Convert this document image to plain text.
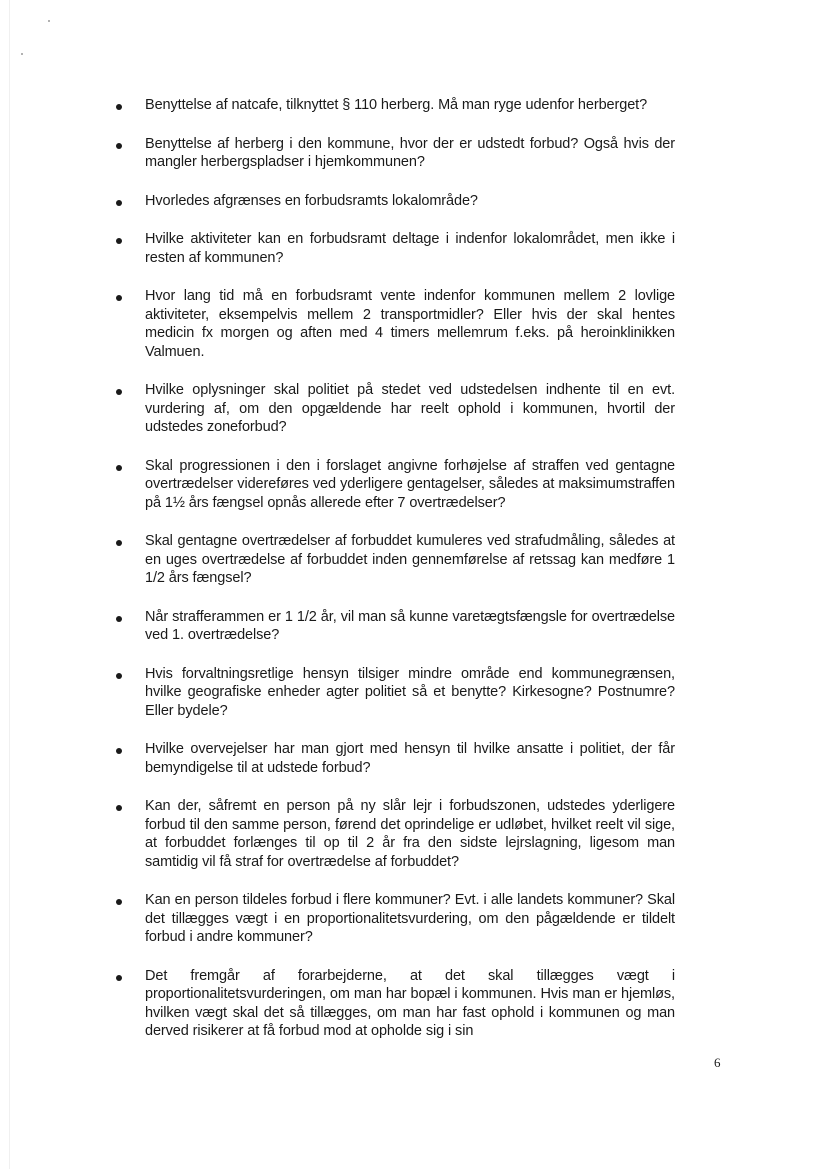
Benyttelse af natcafe, tilknyttet § 110 herberg. Må man ryge udenfor herberget?
Benyttelse af herberg i den kommune, hvor der er udstedt forbud? Også hvis der mangler herbergspladser i hjemkommunen?
Hvorledes afgrænses en forbudsramts lokalområde?
Hvilke aktiviteter kan en forbudsramt deltage i indenfor lokalområdet, men ikke i resten af kommunen?
Hvor lang tid må en forbudsramt vente indenfor kommunen mellem 2 lovlige aktiviteter, eksempelvis mellem 2 transportmidler? Eller hvis der skal hentes medicin fx morgen og aften med 4 timers mellemrum f.eks. på heroinklinikken Valmuen.
Hvilke oplysninger skal politiet på stedet ved udstedelsen indhente til en evt. vurdering af, om den opgældende har reelt ophold i kommunen, hvortil der udstedes zoneforbud?
Skal progressionen i den i forslaget angivne forhøjelse af straffen ved gentagne overtrædelser videreføres ved yderligere gentagelser, således at maksimumstraffen på 1½ års fængsel opnås allerede efter 7 overtrædelser?
Skal gentagne overtrædelser af forbuddet kumuleres ved strafudmåling, således at en uges overtrædelse af forbuddet inden gennemførelse af retssag kan medføre 1 1/2 års fængsel?
Når strafferammen er 1 1/2 år, vil man så kunne varetægtsfængsle for overtrædelse ved 1. overtrædelse?
Hvis forvaltningsretlige hensyn tilsiger mindre område end kommunegrænsen, hvilke geografiske enheder agter politiet så et benytte? Kirkesogne? Postnumre? Eller bydele?
Hvilke overvejelser har man gjort med hensyn til hvilke ansatte i politiet, der får bemyndigelse til at udstede forbud?
Kan der, såfremt en person på ny slår lejr i forbudszonen, udstedes yderligere forbud til den samme person, førend det oprindelige er udløbet, hvilket reelt vil sige, at forbuddet forlænges til op til 2 år fra den sidste lejrslagning, ligesom man samtidig vil få straf for overtrædelse af forbuddet?
Kan en person tildeles forbud i flere kommuner? Evt. i alle landets kommuner? Skal det tillægges vægt i en proportionalitetsvurdering, om den pågældende er tildelt forbud i andre kommuner?
Det fremgår af forarbejderne, at det skal tillægges vægt i proportionalitetsvurderingen, om man har bopæl i kommunen. Hvis man er hjemløs, hvilken vægt skal det så tillægges, om man har fast ophold i kommunen og man derved risikerer at få forbud mod at opholde sig i sin
6
